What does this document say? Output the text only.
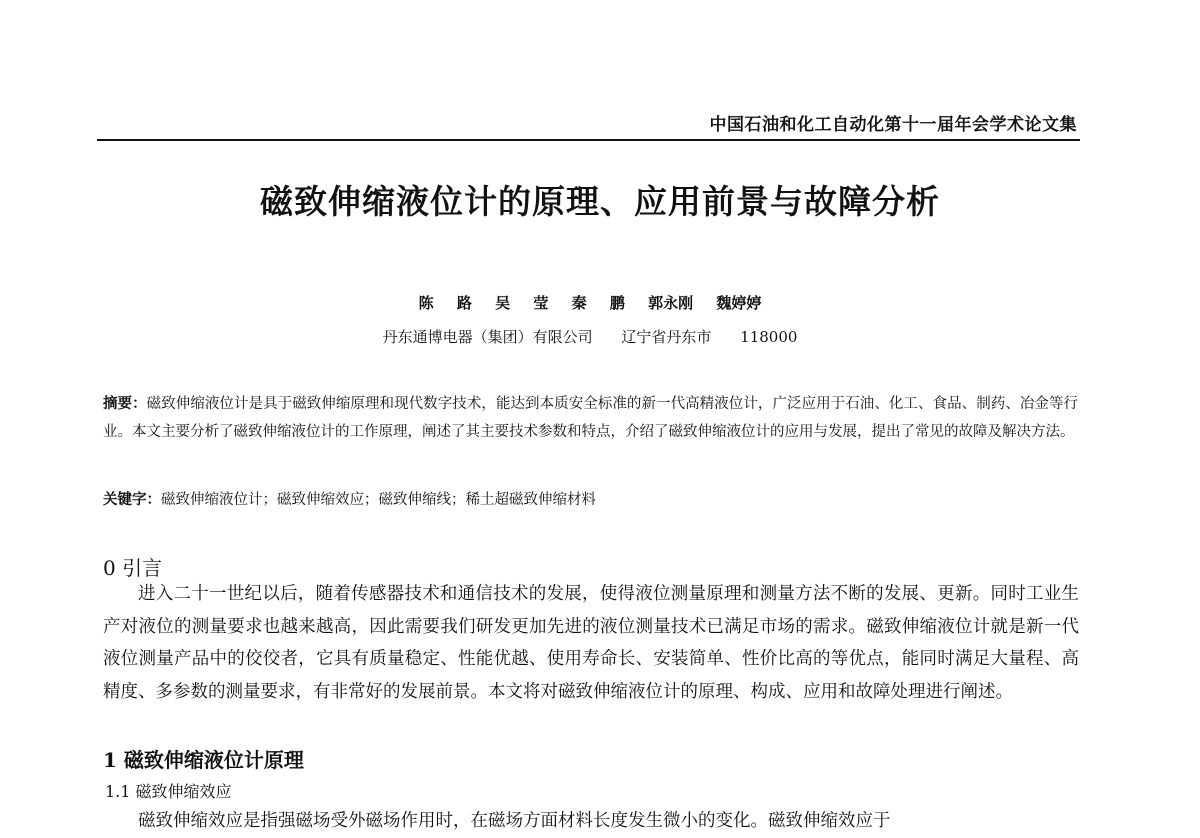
中国石油和化工自动化第十一届年会学术论文集
磁致伸缩液位计的原理、应用前景与故障分析
陈 路 吴 莹 秦 鹏 郭永刚 魏婷婷
丹东通博电器（集团）有限公司 辽宁省丹东市 118000
摘要：磁致伸缩液位计是具于磁致伸缩原理和现代数字技术，能达到本质安全标准的新一代高精液位计，广泛应用于石油、化工、食品、制药、冶金等行业。本文主要分析了磁致伸缩液位计的工作原理，阐述了其主要技术参数和特点，介绍了磁致伸缩液位计的应用与发展，提出了常见的故障及解决方法。
关键字：磁致伸缩液位计；磁致伸缩效应；磁致伸缩线；稀土超磁致伸缩材料
0 引言
进入二十一世纪以后，随着传感器技术和通信技术的发展，使得液位测量原理和测量方法不断的发展、更新。同时工业生产对液位的测量要求也越来越高，因此需要我们研发更加先进的液位测量技术已满足市场的需求。磁致伸缩液位计就是新一代液位测量产品中的佼佼者，它具有质量稳定、性能优越、使用寿命长、安装简单、性价比高的等优点，能同时满足大量程、高精度、多参数的测量要求，有非常好的发展前景。本文将对磁致伸缩液位计的原理、构成、应用和故障处理进行阐述。
1 磁致伸缩液位计原理
1.1 磁致伸缩效应
磁致伸缩效应是指强磁场受外磁场作用时，在磁场方面材料长度发生微小的变化。磁致伸缩效应于
